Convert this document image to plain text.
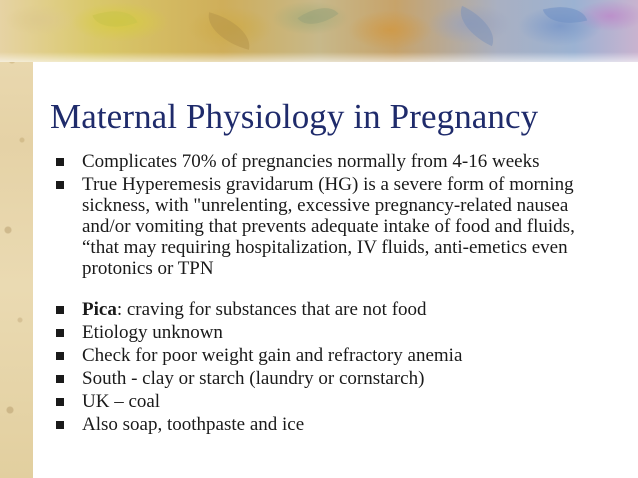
Maternal Physiology in Pregnancy
Complicates 70% of pregnancies normally from 4-16 weeks
True Hyperemesis gravidarum (HG) is a severe form of morning sickness, with "unrelenting, excessive pregnancy-related nausea and/or vomiting that prevents adequate intake of food and fluids, “that may requiring hospitalization, IV fluids, anti-emetics even protonics or TPN
Pica: craving for substances that are not food
Etiology unknown
Check for poor weight gain and refractory anemia
South - clay or starch (laundry or cornstarch)
UK – coal
Also soap, toothpaste and ice
